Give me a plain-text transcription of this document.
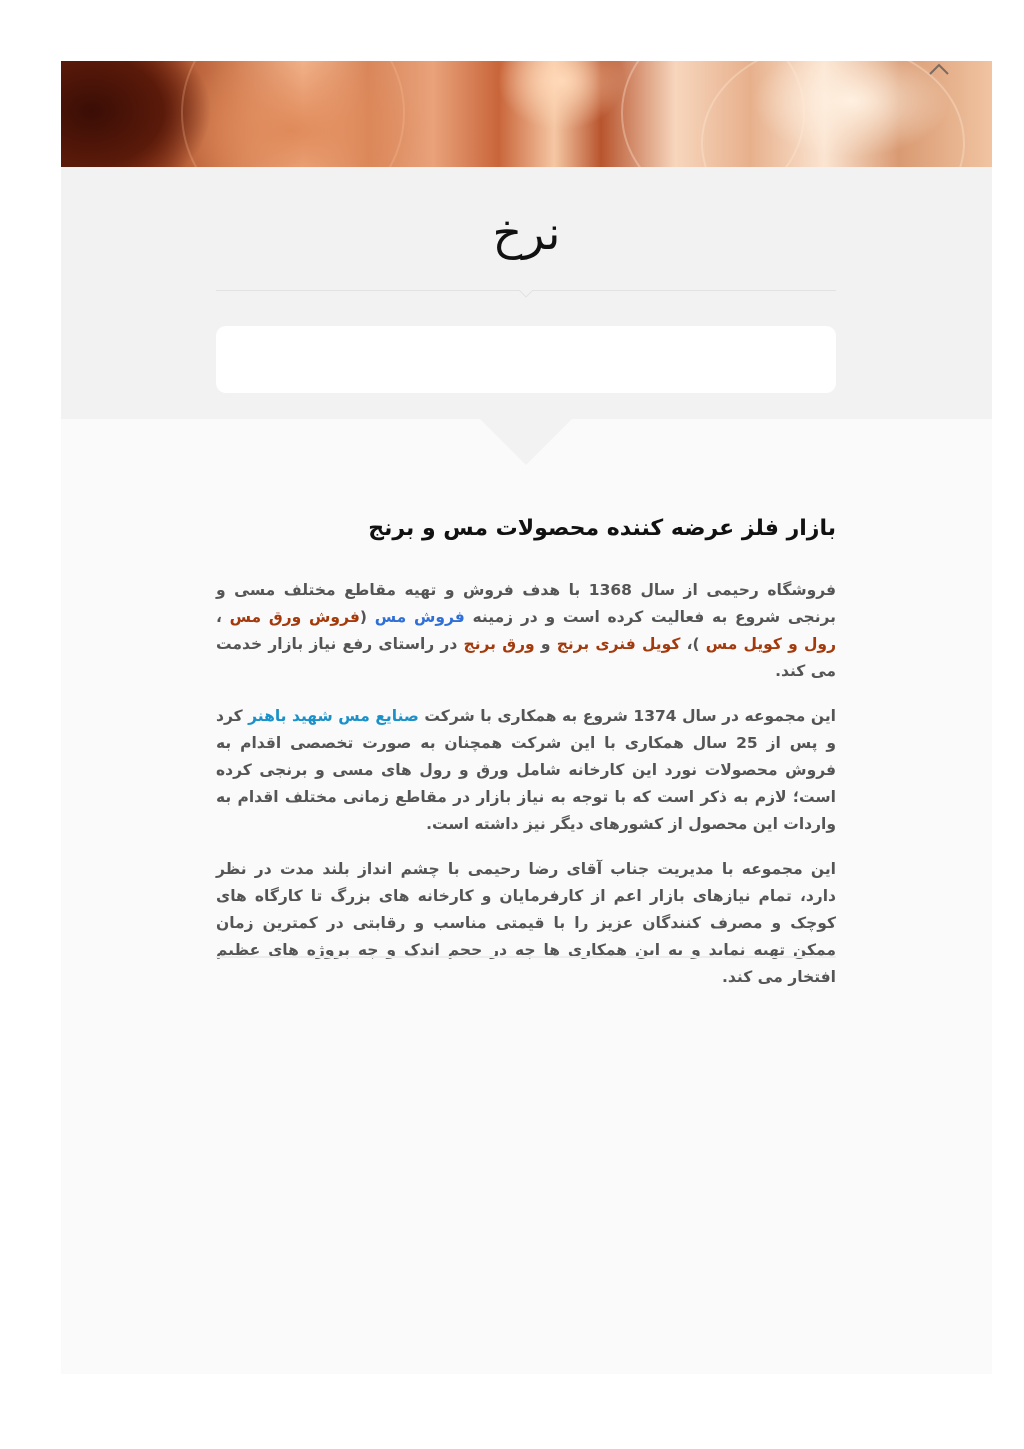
نرخ
بازار فلز عرضه کننده محصولات مس و برنج

فروشگاه رحیمی از سال 1368 با هدف فروش و تهیه مقاطع مختلف مسی و برنجی شروع به فعالیت کرده است و در زمینه فروش مس (فروش ورق مس ، رول و کویل مس )، کویل فنری برنج و ورق برنج در راستای رفع نیاز بازار خدمت می کند.

این مجموعه در سال 1374 شروع به همکاری با شرکت صنایع مس شهید باهنر کرد و پس از 25 سال همکاری با این شرکت همچنان به صورت تخصصی اقدام به فروش محصولات نورد این کارخانه شامل ورق و رول های مسی و برنجی کرده است؛ لازم به ذکر است که با توجه به نیاز بازار در مقاطع زمانی مختلف اقدام به واردات این محصول از کشورهای دیگر نیز داشته است.

این مجموعه با مدیریت جناب آقای رضا رحیمی با چشم انداز بلند مدت در نظر دارد، تمام نیازهای بازار اعم از کارفرمایان و کارخانه های بزرگ تا کارگاه های کوچک و مصرف کنندگان عزیز را با قیمتی مناسب و رقابتی در کمترین زمان ممکن تهیه نماید و به این همکاری ها چه در حجم اندک و چه پروژه های عظیم افتخار می کند.
